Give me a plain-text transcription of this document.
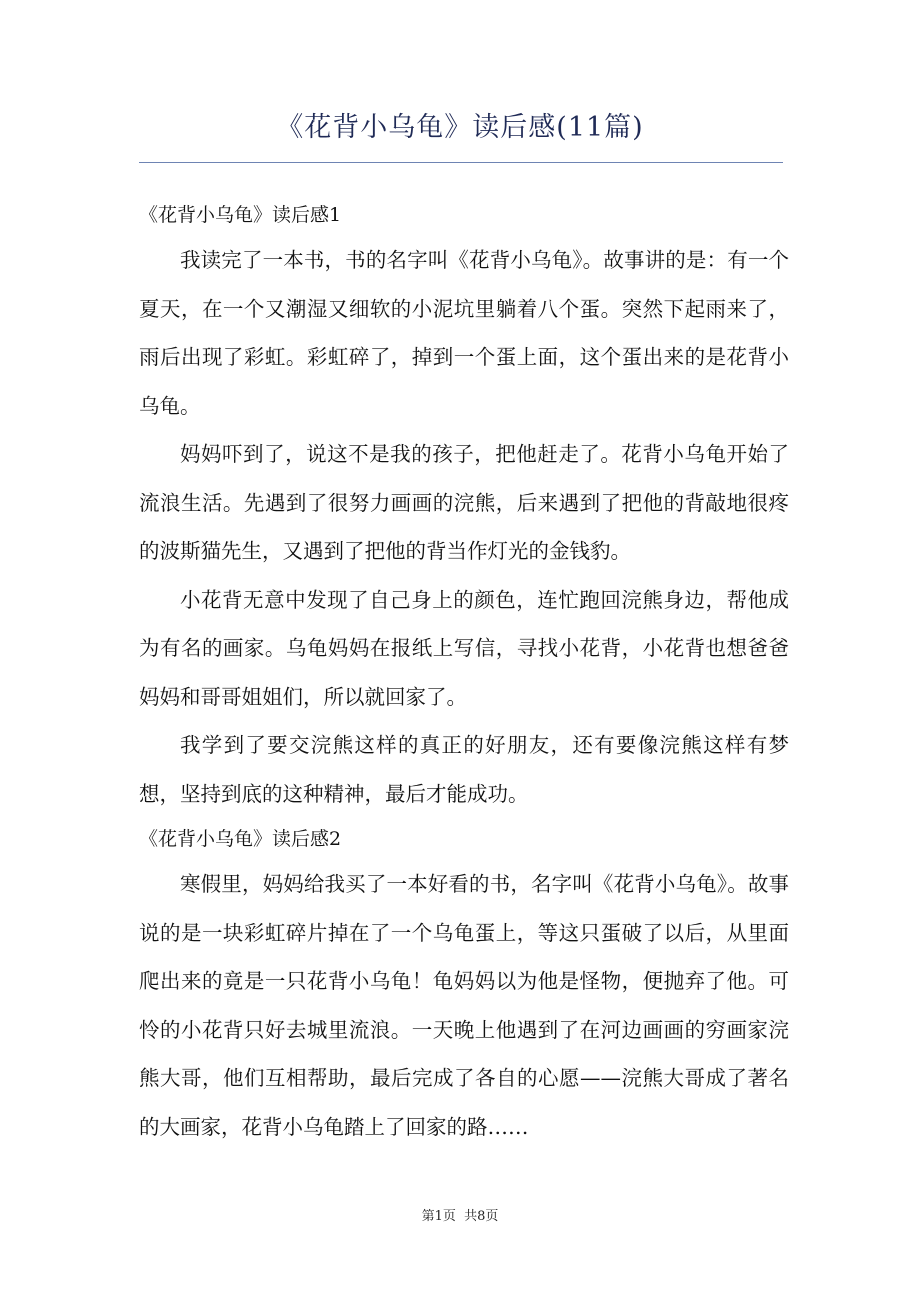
《花背小乌龟》读后感(11篇)
《花背小乌龟》读后感1

我读完了一本书，书的名字叫《花背小乌龟》。故事讲的是：有一个夏天，在一个又潮湿又细软的小泥坑里躺着八个蛋。突然下起雨来了，雨后出现了彩虹。彩虹碎了，掉到一个蛋上面，这个蛋出来的是花背小乌龟。

妈妈吓到了，说这不是我的孩子，把他赶走了。花背小乌龟开始了流浪生活。先遇到了很努力画画的浣熊，后来遇到了把他的背敲地很疼的波斯猫先生，又遇到了把他的背当作灯光的金钱豹。

小花背无意中发现了自己身上的颜色，连忙跑回浣熊身边，帮他成为有名的画家。乌龟妈妈在报纸上写信，寻找小花背，小花背也想爸爸妈妈和哥哥姐姐们，所以就回家了。

我学到了要交浣熊这样的真正的好朋友，还有要像浣熊这样有梦想，坚持到底的这种精神，最后才能成功。

《花背小乌龟》读后感2

寒假里，妈妈给我买了一本好看的书，名字叫《花背小乌龟》。故事说的是一块彩虹碎片掉在了一个乌龟蛋上，等这只蛋破了以后，从里面爬出来的竟是一只花背小乌龟！龟妈妈以为他是怪物，便抛弃了他。可怜的小花背只好去城里流浪。一天晚上他遇到了在河边画画的穷画家浣熊大哥，他们互相帮助，最后完成了各自的心愿——浣熊大哥成了著名的大画家，花背小乌龟踏上了回家的路……

第1页 共8页
